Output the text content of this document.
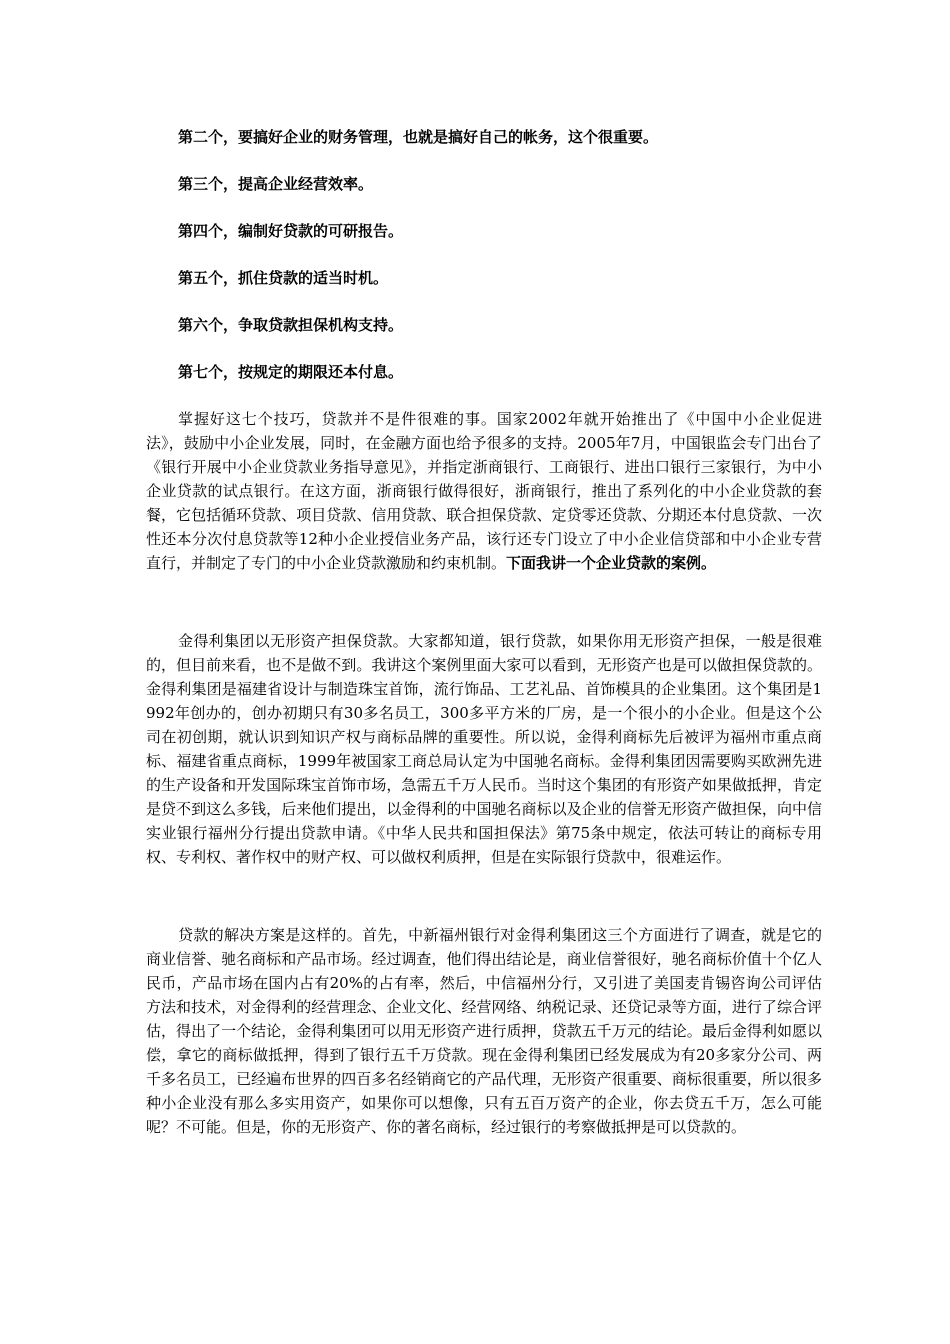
第二个，要搞好企业的财务管理，也就是搞好自己的帐务，这个很重要。
第三个，提高企业经营效率。
第四个，编制好贷款的可研报告。
第五个，抓住贷款的适当时机。
第六个，争取贷款担保机构支持。
第七个，按规定的期限还本付息。

掌握好这七个技巧，贷款并不是件很难的事。国家2002年就开始推出了《中国中小企业促进法》，鼓励中小企业发展，同时，在金融方面也给予很多的支持。2005年7月，中国银监会专门出台了《银行开展中小企业贷款业务指导意见》，并指定浙商银行、工商银行、进出口银行三家银行，为中小企业贷款的试点银行。在这方面，浙商银行做得很好，浙商银行，推出了系列化的中小企业贷款的套餐，它包括循环贷款、项目贷款、信用贷款、联合担保贷款、定贷零还贷款、分期还本付息贷款、一次性还本分次付息贷款等12种小企业授信业务产品，该行还专门设立了中小企业信贷部和中小企业专营直行，并制定了专门的中小企业贷款激励和约束机制。下面我讲一个企业贷款的案例。

金得利集团以无形资产担保贷款。大家都知道，银行贷款，如果你用无形资产担保，一般是很难的，但目前来看，也不是做不到。我讲这个案例里面大家可以看到，无形资产也是可以做担保贷款的。金得利集团是福建省设计与制造珠宝首饰，流行饰品、工艺礼品、首饰模具的企业集团。这个集团是1992年创办的，创办初期只有30多名员工，300多平方米的厂房，是一个很小的小企业。但是这个公司在初创期，就认识到知识产权与商标品牌的重要性。所以说，金得利商标先后被评为福州市重点商标、福建省重点商标，1999年被国家工商总局认定为中国驰名商标。金得利集团因需要购买欧洲先进的生产设备和开发国际珠宝首饰市场，急需五千万人民币。当时这个集团的有形资产如果做抵押，肯定是贷不到这么多钱，后来他们提出，以金得利的中国驰名商标以及企业的信誉无形资产做担保，向中信实业银行福州分行提出贷款申请。《中华人民共和国担保法》第75条中规定，依法可转让的商标专用权、专利权、著作权中的财产权、可以做权利质押，但是在实际银行贷款中，很难运作。

贷款的解决方案是这样的。首先，中新福州银行对金得利集团这三个方面进行了调查，就是它的商业信誉、驰名商标和产品市场。经过调查，他们得出结论是，商业信誉很好，驰名商标价值十个亿人民币，产品市场在国内占有20%的占有率，然后，中信福州分行，又引进了美国麦肯锡咨询公司评估方法和技术，对金得利的经营理念、企业文化、经营网络、纳税记录、还贷记录等方面，进行了综合评估，得出了一个结论，金得利集团可以用无形资产进行质押，贷款五千万元的结论。最后金得利如愿以偿，拿它的商标做抵押，得到了银行五千万贷款。现在金得利集团已经发展成为有20多家分公司、两千多名员工，已经遍布世界的四百多名经销商它的产品代理，无形资产很重要、商标很重要，所以很多种小企业没有那么多实用资产，如果你可以想像，只有五百万资产的企业，你去贷五千万，怎么可能呢？不可能。但是，你的无形资产、你的著名商标，经过银行的考察做抵押是可以贷款的。
